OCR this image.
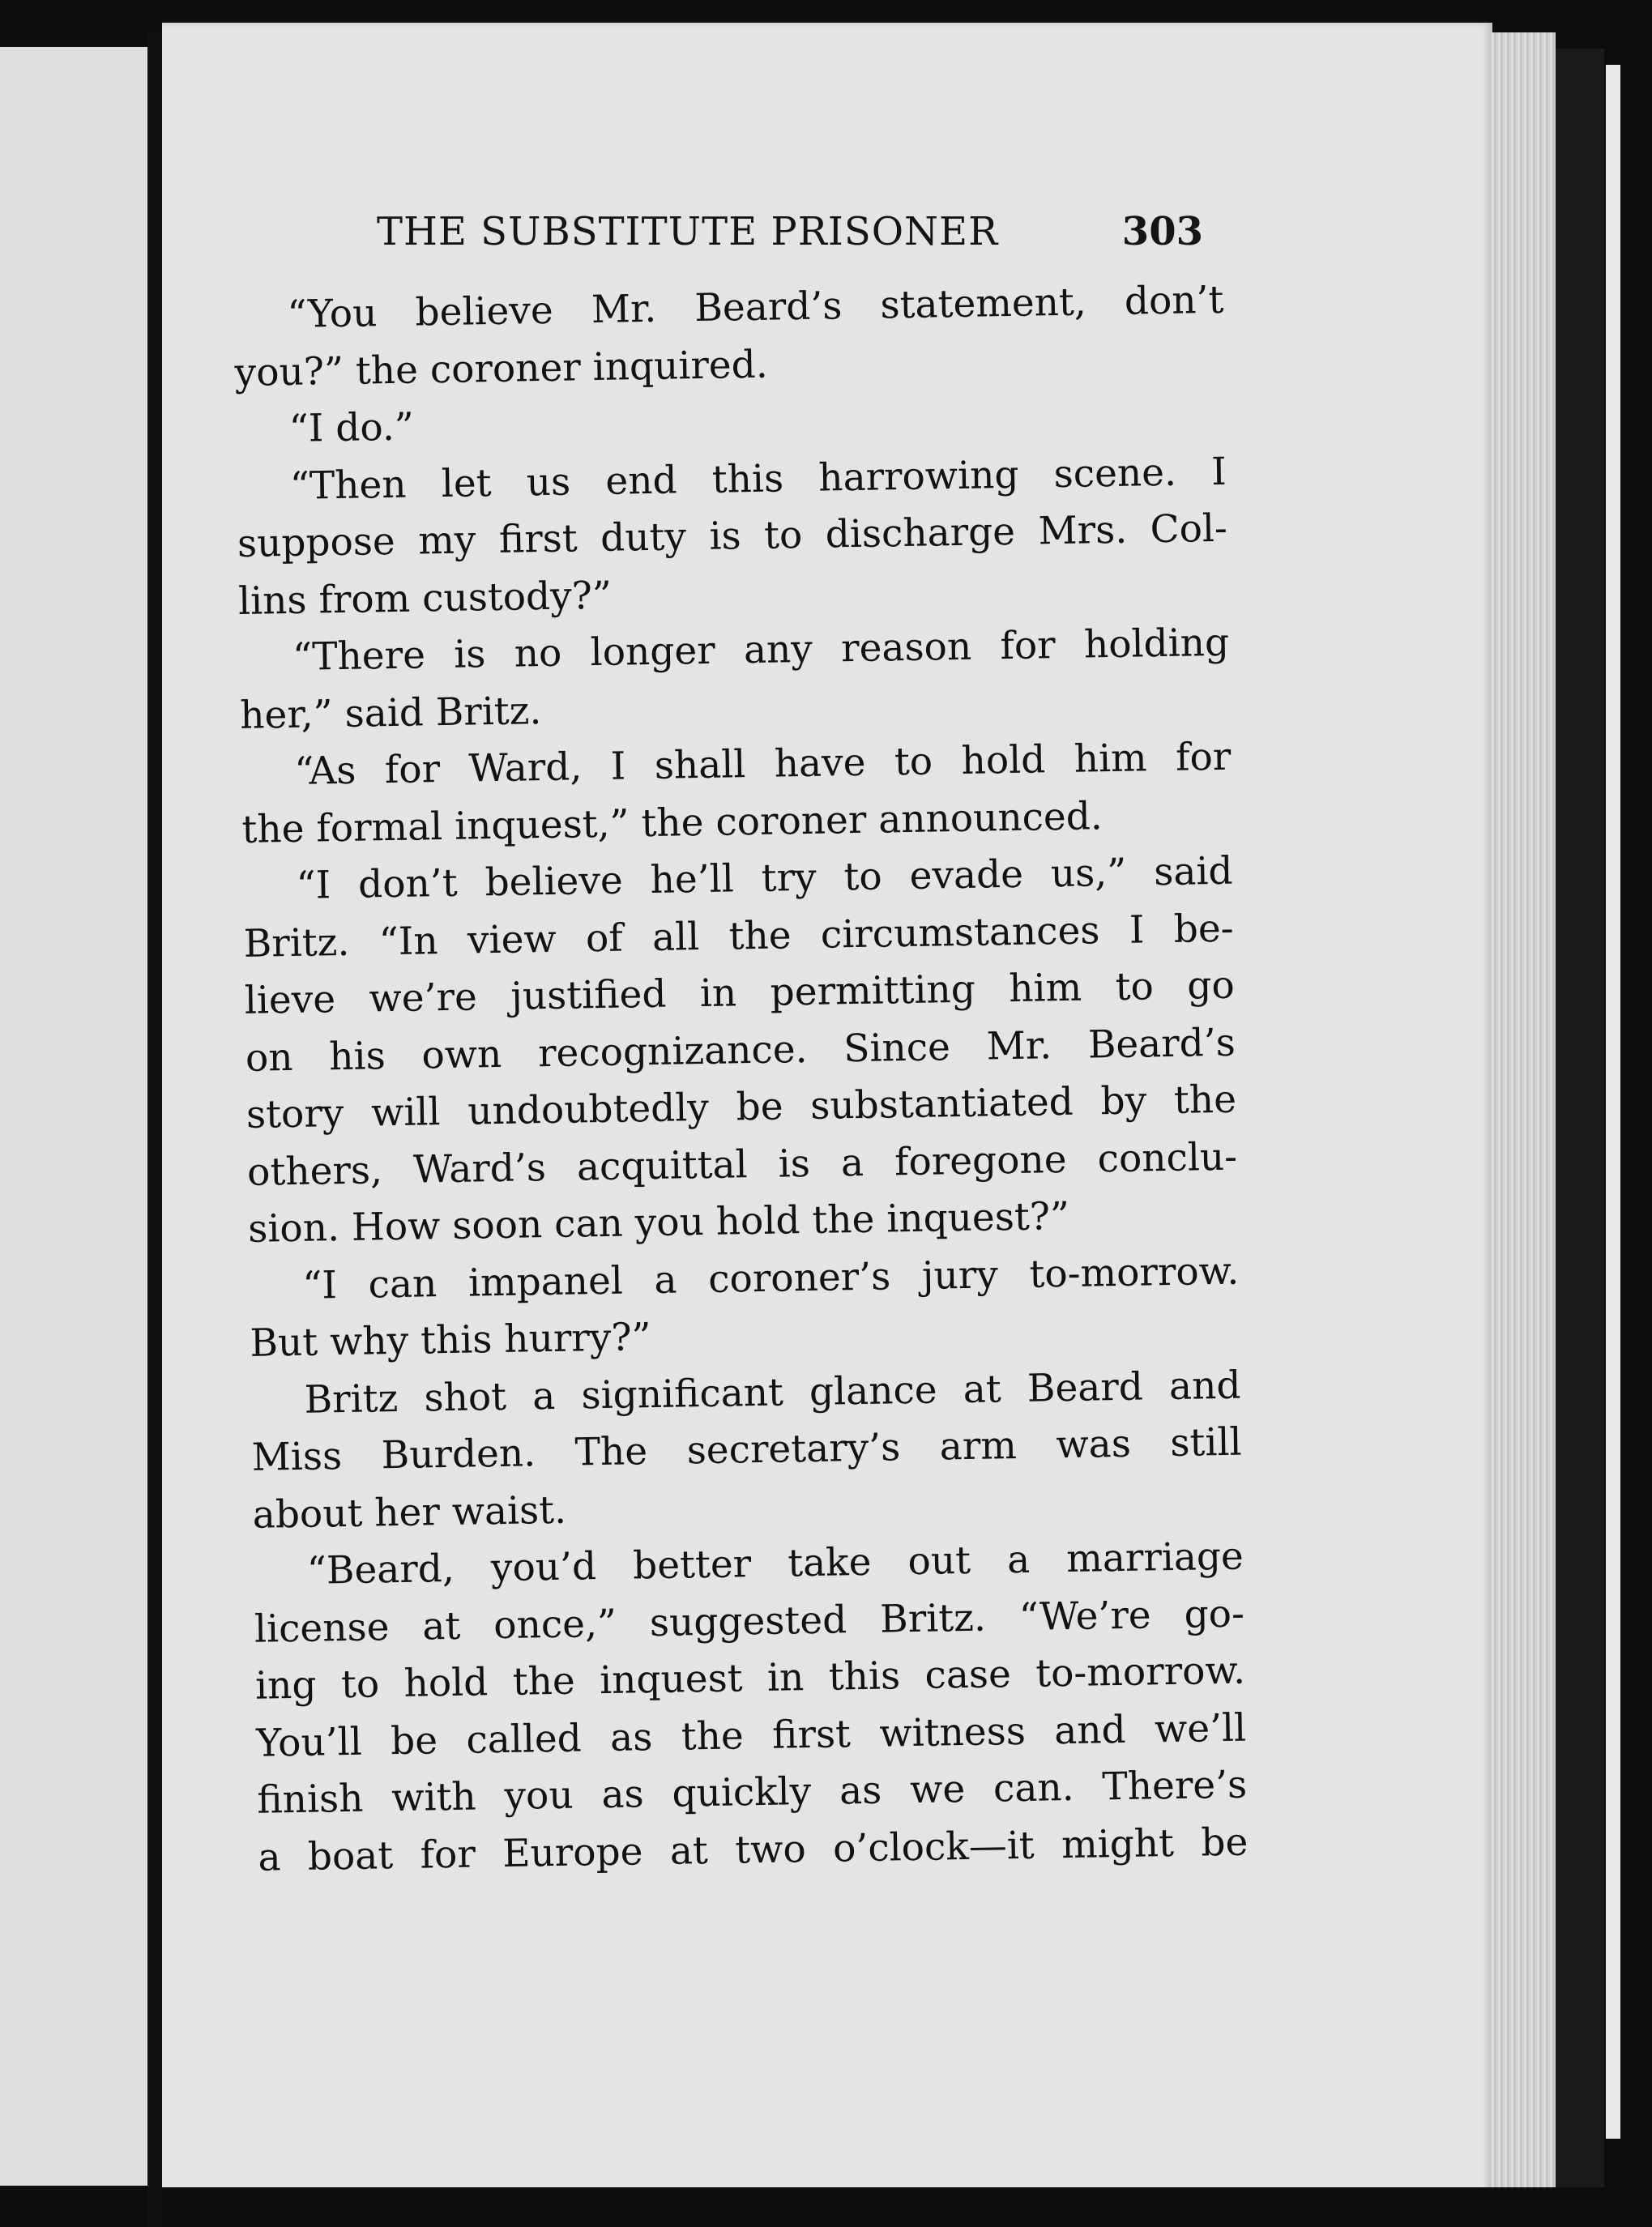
THE SUBSTITUTE PRISONER	303
“You believe Mr. Beard’s statement, don’t
you?” the coroner inquired.
“I do.”
“Then let us end this harrowing scene. I
suppose my first duty is to discharge Mrs. Col-
lins from custody?”
“There is no longer any reason for holding
her,” said Britz.
“As for Ward, I shall have to hold him for
the formal inquest,” the coroner announced.
“I don’t believe he’ll try to evade us,” said
Britz. “In view of all the circumstances I be-
lieve we’re justified in permitting him to go
on his own recognizance. Since Mr. Beard’s
story will undoubtedly be substantiated by the
others, Ward’s acquittal is a foregone conclu-
sion. How soon can you hold the inquest?”
“I can impanel a coroner’s jury to-morrow.
But why this hurry?”
Britz shot a significant glance at Beard and
Miss Burden. The secretary’s arm was still
about her waist.
“Beard, you’d better take out a marriage
license at once,” suggested Britz. “We’re go-
ing to hold the inquest in this case to-morrow.
You’ll be called as the first witness and we’ll
finish with you as quickly as we can. There’s
a boat for Europe at two o’clock—it might be
